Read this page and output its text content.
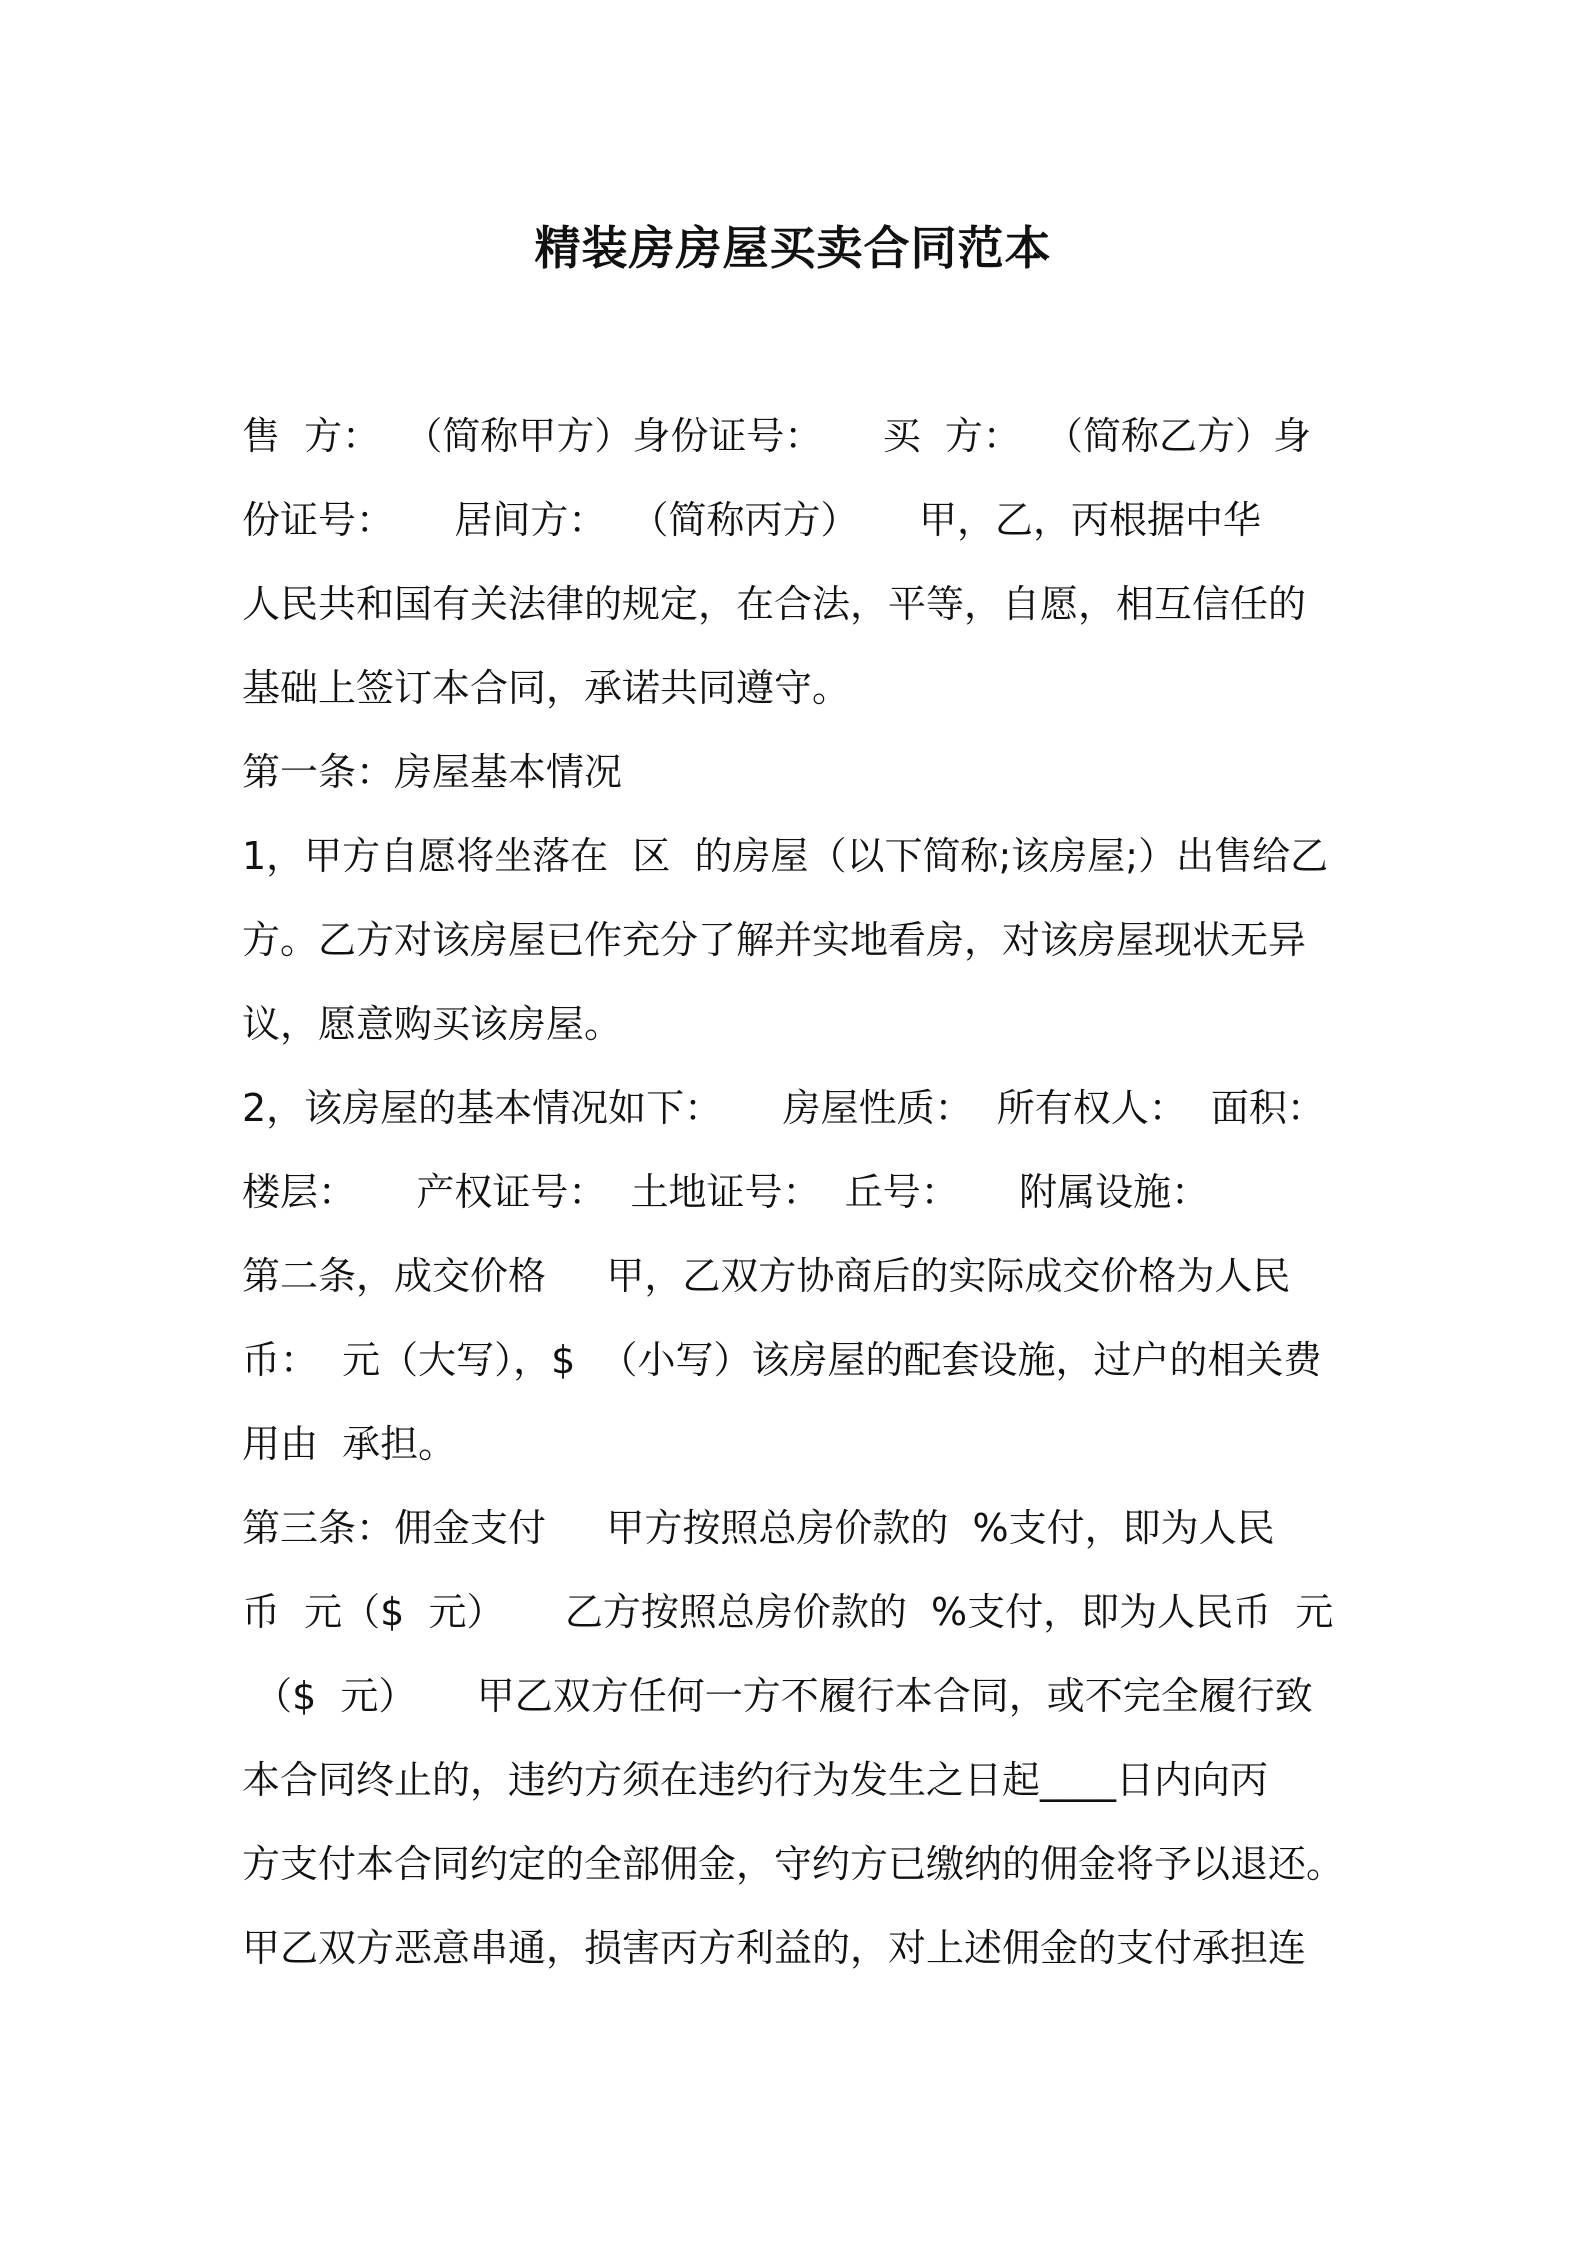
精装房房屋买卖合同范本

售  方：  （简称甲方）身份证号：     买  方：  （简称乙方）身

份证号：     居间方：  （简称丙方）     甲，乙，丙根据中华

人民共和国有关法律的规定，在合法，平等，自愿，相互信任的

基础上签订本合同，承诺共同遵守。

第一条：房屋基本情况

1，甲方自愿将坐落在  区  的房屋（以下简称;该房屋;）出售给乙

方。乙方对该房屋已作充分了解并实地看房，对该房屋现状无异

议，愿意购买该房屋。

2，该房屋的基本情况如下：     房屋性质：  所有权人：  面积：

楼层：     产权证号：  土地证号：  丘号：     附属设施：

第二条，成交价格     甲，乙双方协商后的实际成交价格为人民

币：  元（大写），$  （小写）该房屋的配套设施，过户的相关费

用由  承担。

第三条：佣金支付     甲方按照总房价款的  %支付，即为人民

币  元（$  元）     乙方按照总房价款的  %支付，即为人民币  元

（$  元）     甲乙双方任何一方不履行本合同，或不完全履行致

本合同终止的，违约方须在违约行为发生之日起____日内向丙

方支付本合同约定的全部佣金，守约方已缴纳的佣金将予以退还。

甲乙双方恶意串通，损害丙方利益的，对上述佣金的支付承担连
